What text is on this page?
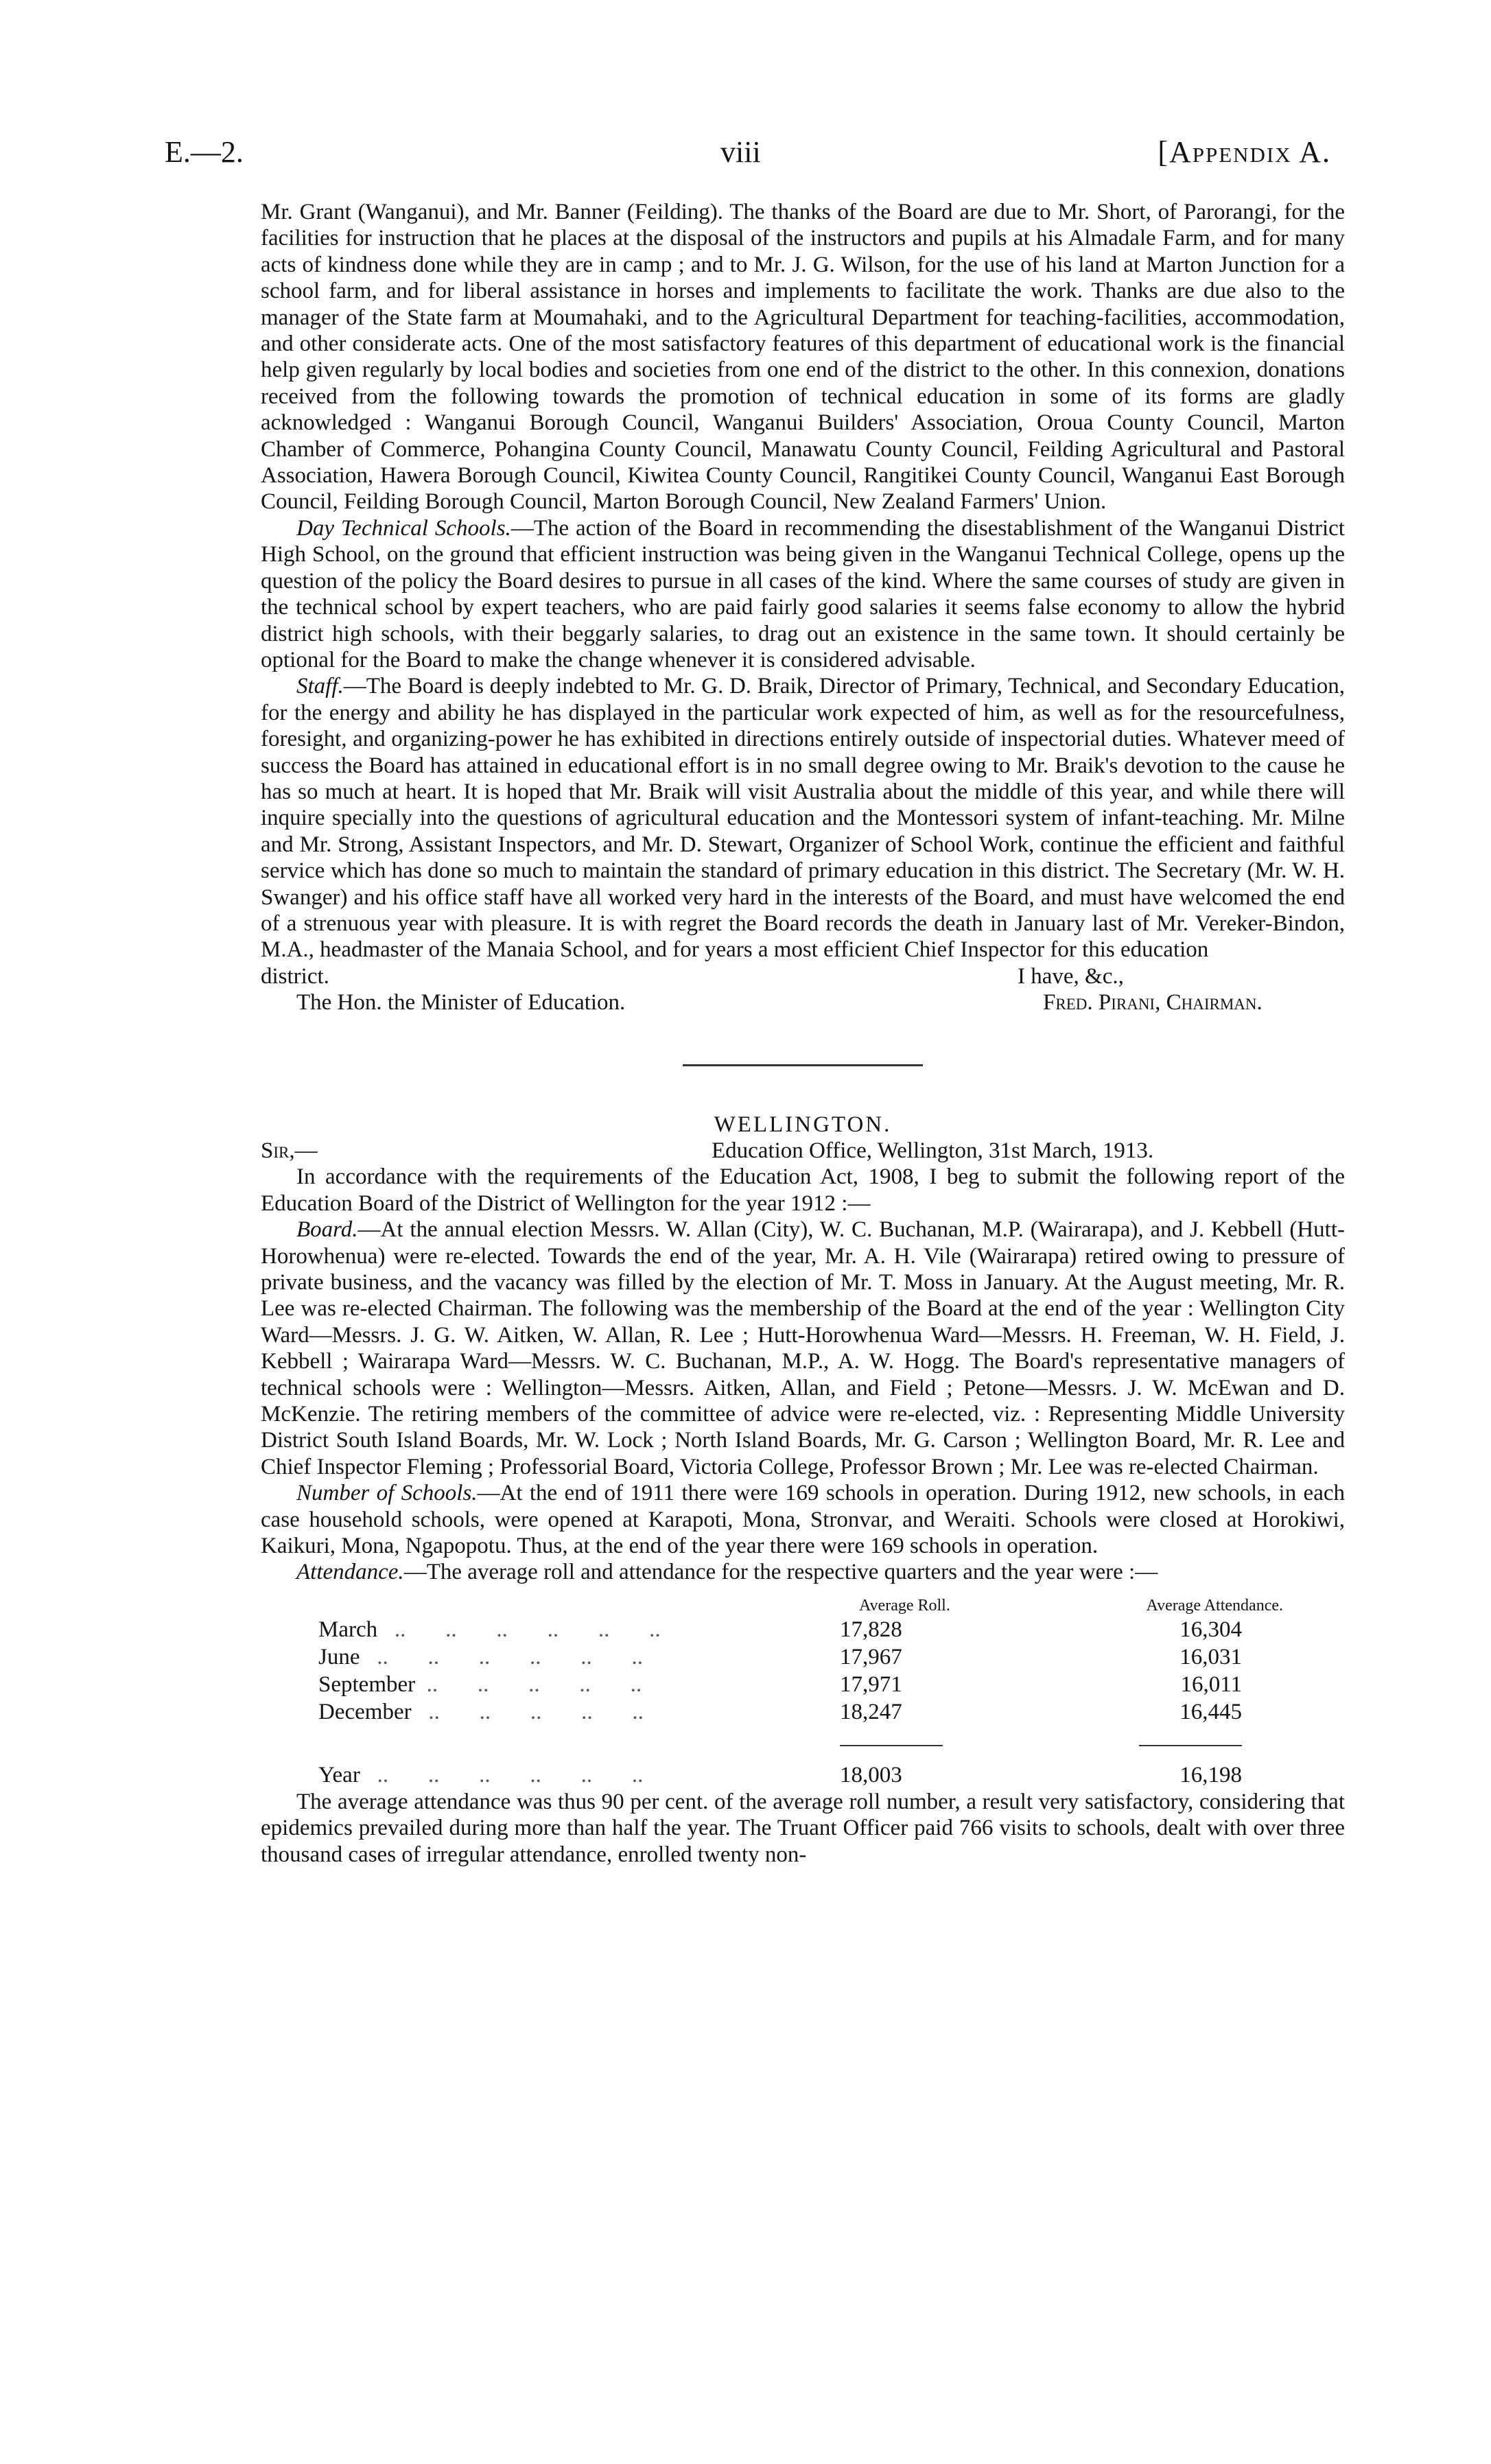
E.—2.	viii	[Appendix A.

Mr. Grant (Wanganui), and Mr. Banner (Feilding). The thanks of the Board are due to Mr. Short, of Parorangi, for the facilities for instruction that he places at the disposal of the instructors and pupils at his Almadale Farm, and for many acts of kindness done while they are in camp ; and to Mr. J. G. Wilson, for the use of his land at Marton Junction for a school farm, and for liberal assistance in horses and implements to facilitate the work. Thanks are due also to the manager of the State farm at Moumahaki, and to the Agricultural Department for teaching-facilities, accommodation, and other considerate acts. One of the most satisfactory features of this department of educational work is the financial help given regularly by local bodies and societies from one end of the district to the other. In this connexion, donations received from the following towards the promotion of technical education in some of its forms are gladly acknowledged : Wanganui Borough Council, Wanganui Builders' Association, Oroua County Council, Marton Chamber of Commerce, Pohangina County Council, Manawatu County Council, Feilding Agricultural and Pastoral Association, Hawera Borough Council, Kiwitea County Council, Rangitikei County Council, Wanganui East Borough Council, Feilding Borough Council, Marton Borough Council, New Zealand Farmers' Union.

Day Technical Schools.—The action of the Board in recommending the disestablishment of the Wanganui District High School, on the ground that efficient instruction was being given in the Wanganui Technical College, opens up the question of the policy the Board desires to pursue in all cases of the kind. Where the same courses of study are given in the technical school by expert teachers, who are paid fairly good salaries it seems false economy to allow the hybrid district high schools, with their beggarly salaries, to drag out an existence in the same town. It should certainly be optional for the Board to make the change whenever it is considered advisable.

Staff.—The Board is deeply indebted to Mr. G. D. Braik, Director of Primary, Technical, and Secondary Education, for the energy and ability he has displayed in the particular work expected of him, as well as for the resourcefulness, foresight, and organizing-power he has exhibited in directions entirely outside of inspectorial duties. Whatever meed of success the Board has attained in educational effort is in no small degree owing to Mr. Braik's devotion to the cause he has so much at heart. It is hoped that Mr. Braik will visit Australia about the middle of this year, and while there will inquire specially into the questions of agricultural education and the Montessori system of infant-teaching. Mr. Milne and Mr. Strong, Assistant Inspectors, and Mr. D. Stewart, Organizer of School Work, continue the efficient and faithful service which has done so much to maintain the standard of primary education in this district. The Secretary (Mr. W. H. Swanger) and his office staff have all worked very hard in the interests of the Board, and must have welcomed the end of a strenuous year with pleasure. It is with regret the Board records the death in January last of Mr. Vereker-Bindon, M.A., headmaster of the Manaia School, and for years a most efficient Chief Inspector for this education

district.	I have, &c.,
The Hon. the Minister of Education.	Fred. Pirani, Chairman.

WELLINGTON.

Sir,—	Education Office, Wellington, 31st March, 1913.

In accordance with the requirements of the Education Act, 1908, I beg to submit the following report of the Education Board of the District of Wellington for the year 1912 :—

Board.—At the annual election Messrs. W. Allan (City), W. C. Buchanan, M.P. (Wairarapa), and J. Kebbell (Hutt-Horowhenua) were re-elected. Towards the end of the year, Mr. A. H. Vile (Wairarapa) retired owing to pressure of private business, and the vacancy was filled by the election of Mr. T. Moss in January. At the August meeting, Mr. R. Lee was re-elected Chairman. The following was the membership of the Board at the end of the year : Wellington City Ward—Messrs. J. G. W. Aitken, W. Allan, R. Lee ; Hutt-Horowhenua Ward—Messrs. H. Freeman, W. H. Field, J. Kebbell ; Wairarapa Ward—Messrs. W. C. Buchanan, M.P., A. W. Hogg. The Board's representative managers of technical schools were : Wellington—Messrs. Aitken, Allan, and Field ; Petone—Messrs. J. W. McEwan and D. McKenzie. The retiring members of the committee of advice were re-elected, viz. : Representing Middle University District South Island Boards, Mr. W. Lock ; North Island Boards, Mr. G. Carson ; Wellington Board, Mr. R. Lee and Chief Inspector Fleming ; Professorial Board, Victoria College, Professor Brown ; Mr. Lee was re-elected Chairman.

Number of Schools.—At the end of 1911 there were 169 schools in operation. During 1912, new schools, in each case household schools, were opened at Karapoti, Mona, Stronvar, and Weraiti. Schools were closed at Horokiwi, Kaikuri, Mona, Ngapopotu. Thus, at the end of the year there were 169 schools in operation.

Attendance.—The average roll and attendance for the respective quarters and the year were :—

	Average Roll.	Average Attendance.
March   ..       ..       ..       ..       ..       ..	17,828	16,304
June   ..       ..       ..       ..       ..       ..	17,967	16,031
September  ..       ..       ..       ..       ..	17,971	16,011
December   ..       ..       ..       ..       ..	18,247	16,445

Year   ..       ..       ..       ..       ..       ..	18,003	16,198

The average attendance was thus 90 per cent. of the average roll number, a result very satisfactory, considering that epidemics prevailed during more than half the year. The Truant Officer paid 766 visits to schools, dealt with over three thousand cases of irregular attendance, enrolled twenty non-
